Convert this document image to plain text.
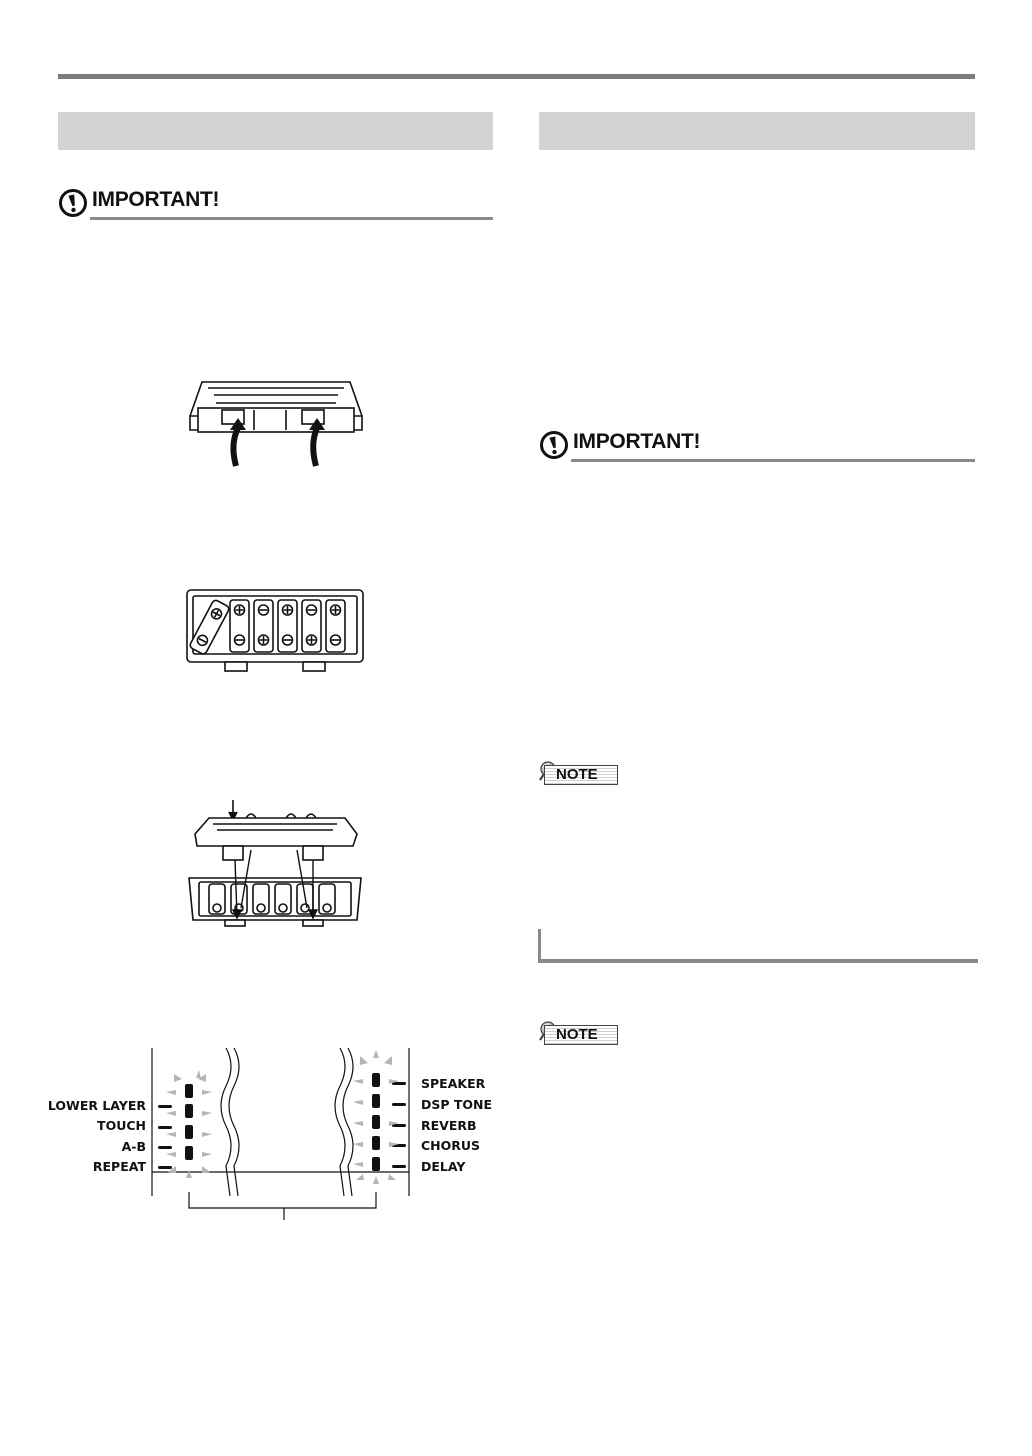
IMPORTANT!
IMPORTANT!
NOTE
NOTE
LOWER LAYER
TOUCH
A-B
REPEAT
SPEAKER
DSP TONE
REVERB
CHORUS
DELAY
